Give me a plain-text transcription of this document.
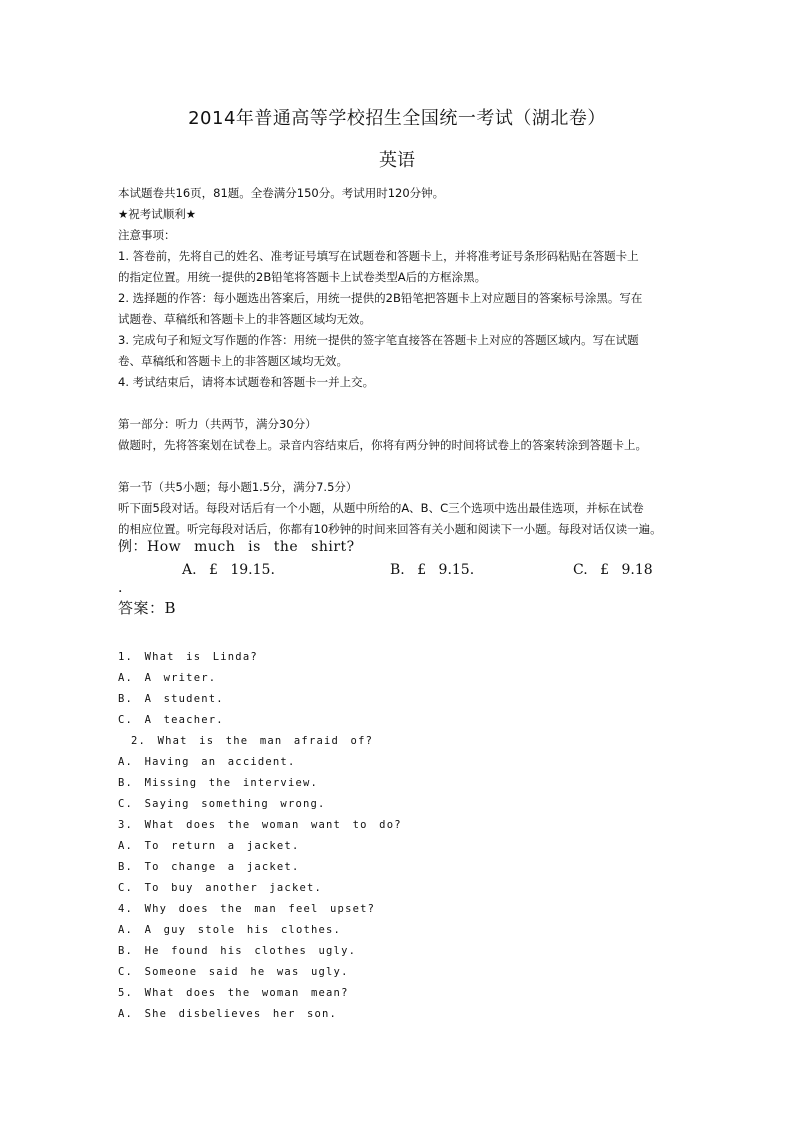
2014年普通高等学校招生全国统一考试（湖北卷）
英语
本试题卷共16页，81题。全卷满分150分。考试用时120分钟。
★祝考试顺利★
注意事项：
1. 答卷前，先将自己的姓名、准考证号填写在试题卷和答题卡上，并将准考证号条形码粘贴在答题卡上
的指定位置。用统一提供的2B铅笔将答题卡上试卷类型A后的方框涂黑。
2. 选择题的作答：每小题选出答案后，用统一提供的2B铅笔把答题卡上对应题目的答案标号涂黑。写在
试题卷、草稿纸和答题卡上的非答题区域均无效。
3. 完成句子和短文写作题的作答：用统一提供的签字笔直接答在答题卡上对应的答题区域内。写在试题
卷、草稿纸和答题卡上的非答题区域均无效。
4. 考试结束后，请将本试题卷和答题卡一并上交。
第一部分：听力（共两节，满分30分）
做题时，先将答案划在试卷上。录音内容结束后，你将有两分钟的时间将试卷上的答案转涂到答题卡上。
第一节（共5小题；每小题1.5分，满分7.5分）
听下面5段对话。每段对话后有一个小题，从题中所给的A、B、C三个选项中选出最佳选项，并标在试卷
的相应位置。听完每段对话后，你都有10秒钟的时间来回答有关小题和阅读下一小题。每段对话仅读一遍。
例：How much is the shirt?
A. £ 19.15.	B. £ 9.15.	C. £ 9.18
.
答案：B
1. What is Linda?
A. A writer.
B. A student.
C. A teacher.
2. What is the man afraid of?
A. Having an accident.
B. Missing the interview.
C. Saying something wrong.
3. What does the woman want to do?
A. To return a jacket.
B. To change a jacket.
C. To buy another jacket.
4. Why does the man feel upset?
A. A guy stole his clothes.
B. He found his clothes ugly.
C. Someone said he was ugly.
5. What does the woman mean?
A. She disbelieves her son.
